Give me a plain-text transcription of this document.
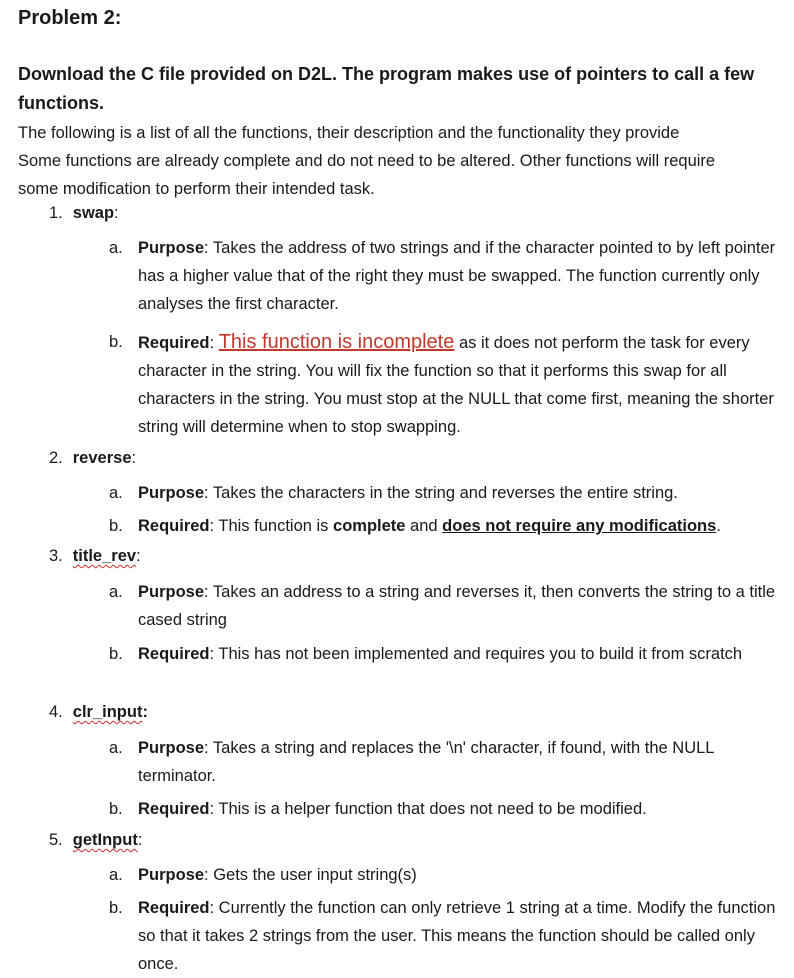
Problem 2:
Download the C file provided on D2L. The program makes use of pointers to call a few functions.
The following is a list of all the functions, their description and the functionality they provide
Some functions are already complete and do not need to be altered. Other functions will require
some modification to perform their intended task.
1. swap:
a. Purpose: Takes the address of two strings and if the character pointed to by left pointer has a higher value that of the right they must be swapped. The function currently only analyses the first character.
b. Required: This function is incomplete as it does not perform the task for every character in the string. You will fix the function so that it performs this swap for all characters in the string. You must stop at the NULL that come first, meaning the shorter string will determine when to stop swapping.
2. reverse:
a. Purpose: Takes the characters in the string and reverses the entire string.
b. Required: This function is complete and does not require any modifications.
3. title_rev:
a. Purpose: Takes an address to a string and reverses it, then converts the string to a title cased string
b. Required: This has not been implemented and requires you to build it from scratch
4. clr_input:
a. Purpose: Takes a string and replaces the '\n' character, if found, with the NULL terminator.
b. Required: This is a helper function that does not need to be modified.
5. getInput:
a. Purpose: Gets the user input string(s)
b. Required: Currently the function can only retrieve 1 string at a time. Modify the function so that it takes 2 strings from the user. This means the function should be called only once.
